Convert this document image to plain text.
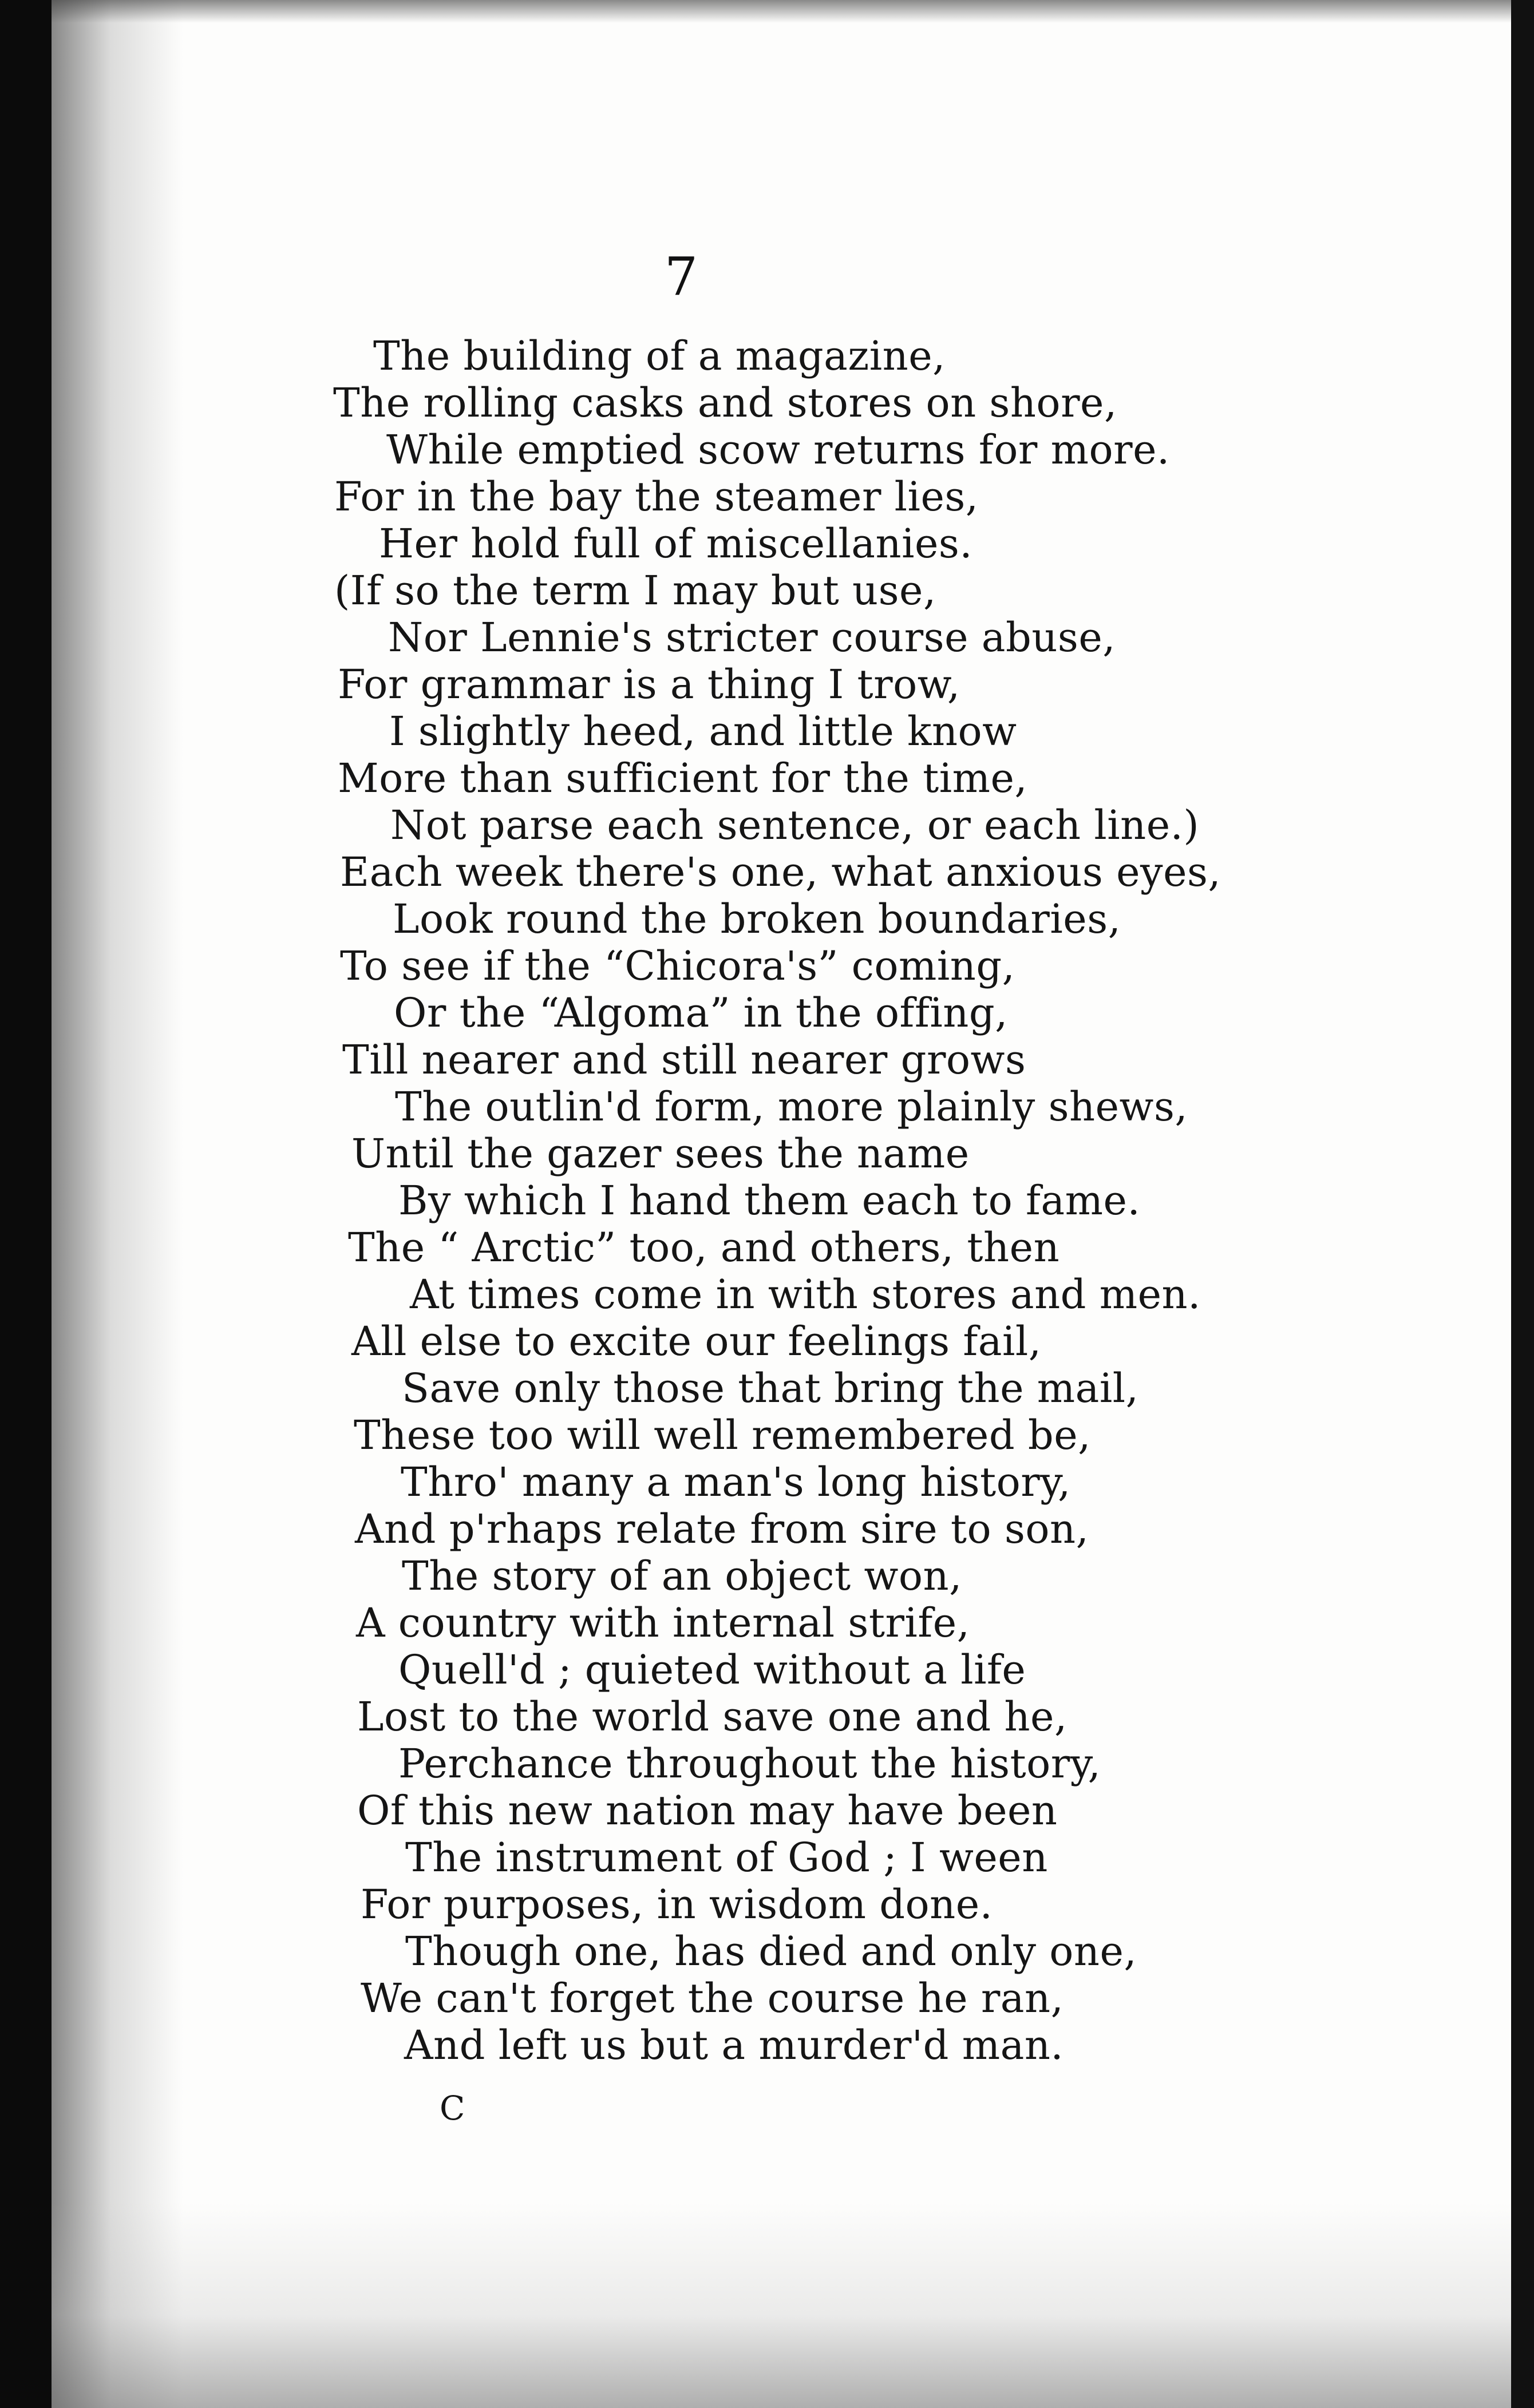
7
The building of a magazine,
The rolling casks and stores on shore,
While emptied scow returns for more.
For in the bay the steamer lies,
Her hold full of miscellanies.
(If so the term I may but use,
Nor Lennie's stricter course abuse,
For grammar is a thing I trow,
I slightly heed, and little know
More than sufficient for the time,
Not parse each sentence, or each line.)
Each week there's one, what anxious eyes,
Look round the broken boundaries,
To see if the “Chicora's” coming,
Or the “Algoma” in the offing,
Till nearer and still nearer grows
The outlin'd form, more plainly shews,
Until the gazer sees the name
By which I hand them each to fame.
The “ Arctic” too, and others, then
At times come in with stores and men.
All else to excite our feelings fail,
Save only those that bring the mail,
These too will well remembered be,
Thro' many a man's long history,
And p'rhaps relate from sire to son,
The story of an object won,
A country with internal strife,
Quell'd ; quieted without a life
Lost to the world save one and he,
Perchance throughout the history,
Of this new nation may have been
The instrument of God ; I ween
For purposes, in wisdom done.
Though one, has died and only one,
We can't forget the course he ran,
And left us but a murder'd man.
C
